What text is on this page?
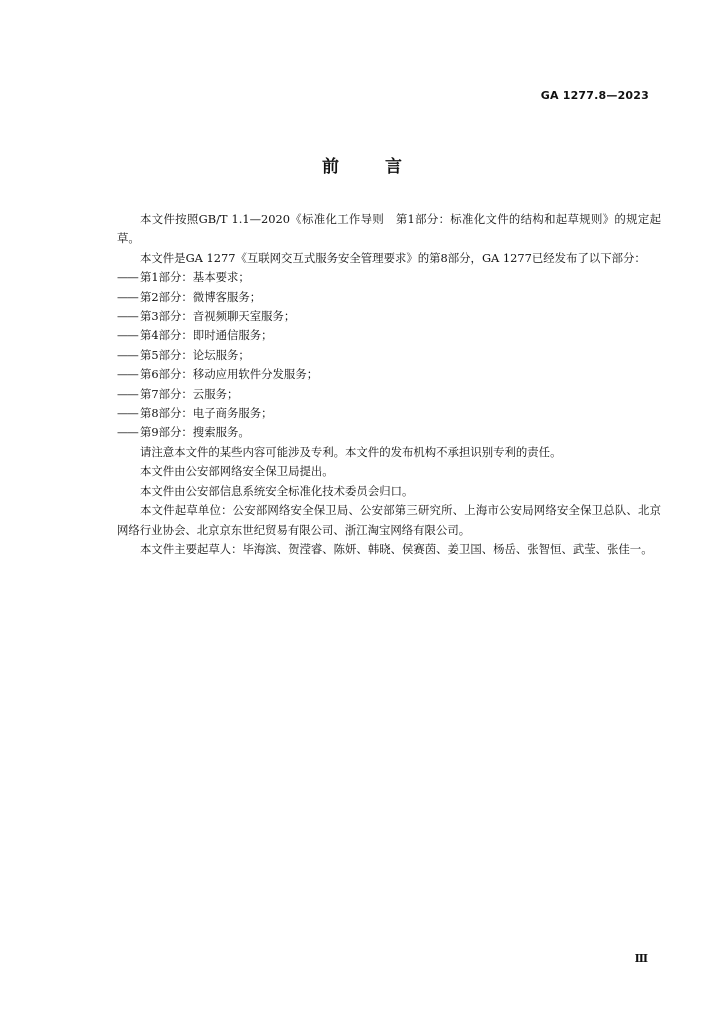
GA 1277.8—2023
前	言

本文件按照GB/T 1.1—2020《标准化工作导则　第1部分：标准化文件的结构和起草规则》的规定起草。

本文件是GA 1277《互联网交互式服务安全管理要求》的第8部分，GA 1277已经发布了以下部分：

—— 第1部分：基本要求；
—— 第2部分：微博客服务；
—— 第3部分：音视频聊天室服务；
—— 第4部分：即时通信服务；
—— 第5部分：论坛服务；
—— 第6部分：移动应用软件分发服务；
—— 第7部分：云服务；
—— 第8部分：电子商务服务；
—— 第9部分：搜索服务。

请注意本文件的某些内容可能涉及专利。本文件的发布机构不承担识别专利的责任。

本文件由公安部网络安全保卫局提出。

本文件由公安部信息系统安全标准化技术委员会归口。

本文件起草单位：公安部网络安全保卫局、公安部第三研究所、上海市公安局网络安全保卫总队、北京网络行业协会、北京京东世纪贸易有限公司、浙江淘宝网络有限公司。

本文件主要起草人：毕海滨、贺滢睿、陈妍、韩晓、侯赛茵、姜卫国、杨岳、张智恒、武莹、张佳一。

Ⅲ
